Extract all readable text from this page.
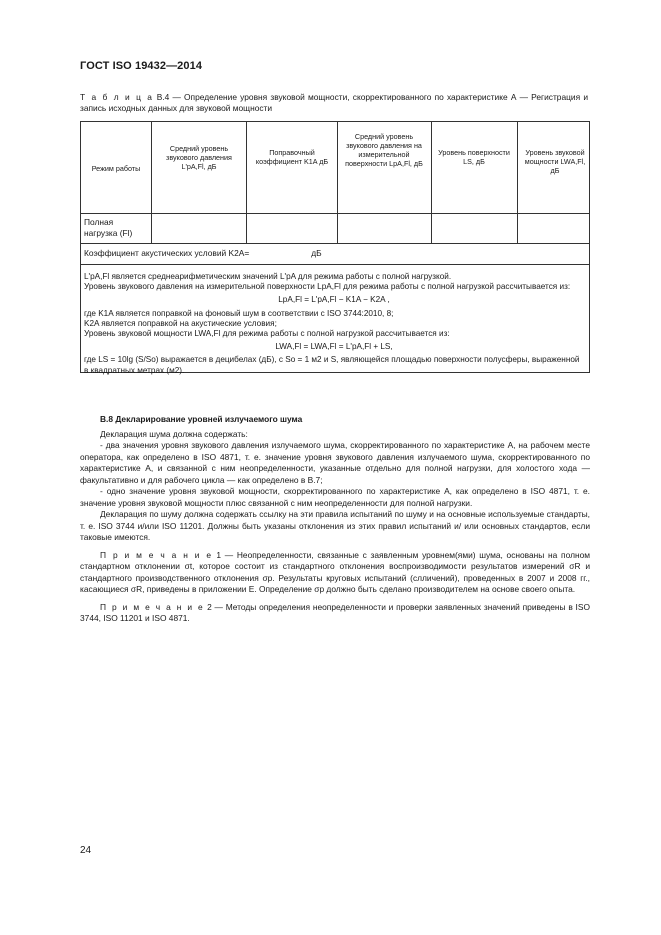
ГОСТ ISO 19432—2014
Т а б л и ц а В.4 — Определение уровня звуковой мощности, скорректированного по характеристике А — Регистрация и запись исходных данных для звуковой мощности
Режим работы
Средний уровень звукового давления L'pA,Fl, дБ
Поправочный коэффициент K1A дБ
Средний уровень звукового давления на измерительной поверхности LpA,Fl, дБ
Уровень поверхности LS, дБ
Уровень звуковой мощности LWA,Fl, дБ
Полная нагрузка (Fl)
Коэффициент акустических условий K2A=	дБ

L'pA,Fl является среднеарифметическим значений L'pA для режима работы с полной нагрузкой.

Уровень звукового давления на измерительной поверхности LpA,Fl для режима работы с полной нагрузкой рассчитывается из:

LpA,Fl = L'pA,Fl − K1A − K2A ,

где K1A является поправкой на фоновый шум в соответствии с ISO 3744:2010, 8;

K2A является поправкой на акустические условия;

Уровень звуковой мощности LWA,Fl для режима работы с полной нагрузкой рассчитывается из:

LWA,Fl = LWA,Fl = L'pA,Fl + LS,

где LS = 10lg (S/So) выражается в децибелах (дБ), с So = 1 м2 и S, являющейся площадью поверхности полусферы, выраженной в квадратных метрах (м2).

В.8 Декларирование уровней излучаемого шума

Декларация шума должна содержать:

- два значения уровня звукового давления излучаемого шума, скорректированного по характеристике А, на рабочем месте оператора, как определено в ISO 4871, т. е. значение уровня звукового давления излучаемого шума, скорректированного по характеристике А, и связанной с ним неопределенности, указанные отдельно для полной нагрузки, для холостого хода — факультативно и для рабочего цикла — как определено в В.7;

- одно значение уровня звуковой мощности, скорректированного по характеристике А, как определено в ISO 4871, т. е. значение уровня звуковой мощности плюс связанной с ним неопределенности для полной нагрузки.

Декларация по шуму должна содержать ссылку на эти правила испытаний по шуму и на основные используемые стандарты, т. е. ISO 3744 и/или ISO 11201. Должны быть указаны отклонения из этих правил испытаний и/ или основных стандартов, если таковые имеются.

П р и м е ч а н и е 1 — Неопределенности, связанные с заявленным уровнем(ями) шума, основаны на полном стандартном отклонении σt, которое состоит из стандартного отклонения воспроизводимости результатов измерений σR и стандартного производственного отклонения σp. Результаты круговых испытаний (слличений), проведенных в 2007 и 2008 гг., касающиеся σR, приведены в приложении Е. Определение σp должно быть сделано производителем на основе своего опыта.

П р и м е ч а н и е 2 — Методы определения неопределенности и проверки заявленных значений приведены в ISO 3744, ISO 11201 и ISO 4871.

24
